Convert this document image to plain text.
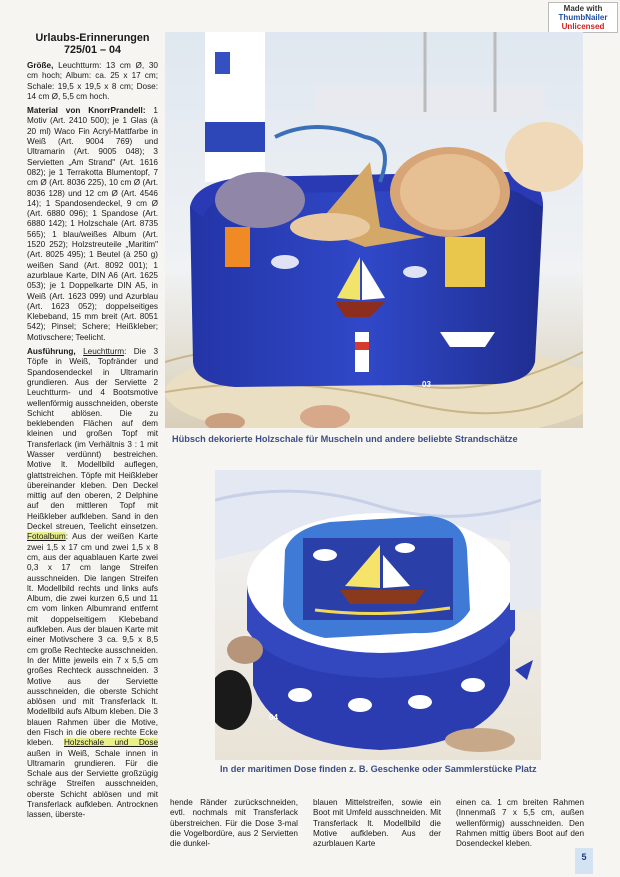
Made with
ThumbNailer
Unlicensed
Urlaubs-Erinnerungen
725/01 – 04

Größe, Leuchtturm: 13 cm Ø, 30 cm hoch; Album: ca. 25 x 17 cm; Schale: 19,5 x 19,5 x 8 cm; Dose: 14 cm Ø, 5,5 cm hoch.

Material von KnorrPrandell: 1 Motiv (Art. 2410 500); je 1 Glas (à 20 ml) Waco Fin Acryl-Mattfarbe in Weiß (Art. 9004 769) und Ultramarin (Art. 9005 048); 3 Servietten „Am Strand" (Art. 1616 082); je 1 Terrakotta Blumentopf, 7 cm Ø (Art. 8036 225), 10 cm Ø (Art. 8036 128) und 12 cm Ø (Art. 4546 14); 1 Spandosendeckel, 9 cm Ø (Art. 6880 096); 1 Spandose (Art. 6880 142); 1 Holzschale (Art. 8735 565); 1 blau/weißes Album (Art. 1520 252); Holzstreuteile „Maritim" (Art. 8025 495); 1 Beutel (à 250 g) weißen Sand (Art. 8092 001); 1 azurblaue Karte, DIN A6 (Art. 1625 053); je 1 Doppelkarte DIN A5, in Weiß (Art. 1623 099) und Azurblau (Art. 1623 052); doppelseitiges Klebeband, 15 mm breit (Art. 8051 542); Pinsel; Schere; Heißkleber; Motivschere; Teelicht.

Ausführung, Leuchtturm: Die 3 Töpfe in Weiß, Topfränder und Spandosendeckel in Ultramarin grundieren. Aus der Serviette 2 Leuchtturm- und 4 Bootsmotive wellenförmig ausschneiden, oberste Schicht ablösen. Die zu beklebenden Flächen auf dem kleinen und großen Topf mit Transferlack (im Verhältnis 3 : 1 mit Wasser verdünnt) bestreichen. Motive lt. Modellbild auflegen, glattstreichen. Töpfe mit Heißkleber übereinander kleben. Den Deckel mittig auf den oberen, 2 Delphine auf den mittleren Topf mit Heißkleber aufkleben. Sand in den Deckel streuen, Teelicht einsetzen. Fotoalbum: Aus der weißen Karte zwei 1,5 x 17 cm und zwei 1,5 x 8 cm, aus der aquablauen Karte zwei 0,3 x 17 cm lange Streifen ausschneiden. Die langen Streifen lt. Modellbild rechts und links aufs Album, die zwei kurzen 6,5 und 11 cm vom linken Albumrand entfernt mit doppelseitigem Klebeband aufkleben. Aus der blauen Karte mit einer Motivschere 3 ca. 9,5 x 8,5 cm große Rechtecke ausschneiden. In der Mitte jeweils ein 7 x 5,5 cm großes Rechteck ausschneiden. 3 Motive aus der Serviette ausschneiden, die oberste Schicht ablösen und mit Transferlack lt. Modellbild aufs Album kleben. Die 3 blauen Rahmen über die Motive, den Fisch in die obere rechte Ecke kleben. Holzschale und Dose außen in Weiß, Schale innen in Ultramarin grundieren. Für die Schale aus der Serviette großzügig schräge Streifen ausschneiden, oberste Schicht ablösen und mit Transferlack aufkleben. Antrocknen lassen, überste-

03
Hübsch dekorierte Holzschale für Muscheln und andere beliebte Strandschätze
04
In der maritimen Dose finden z. B. Geschenke oder Sammlerstücke Platz
hende Ränder zurückschneiden, evtl. nochmals mit Transferlack überstreichen. Für die Dose 3-mal die Vogelbordüre, aus 2 Servietten die dunkel-
blauen Mittelstreifen, sowie ein Boot mit Umfeld ausschneiden. Mit Transferlack lt. Modellbild die Motive aufkleben. Aus der azurblauen Karte
einen ca. 1 cm breiten Rahmen (Innenmaß 7 x 5,5 cm, außen wellenförmig) ausschneiden. Den Rahmen mittig übers Boot auf den Dosendeckel kleben.
5
